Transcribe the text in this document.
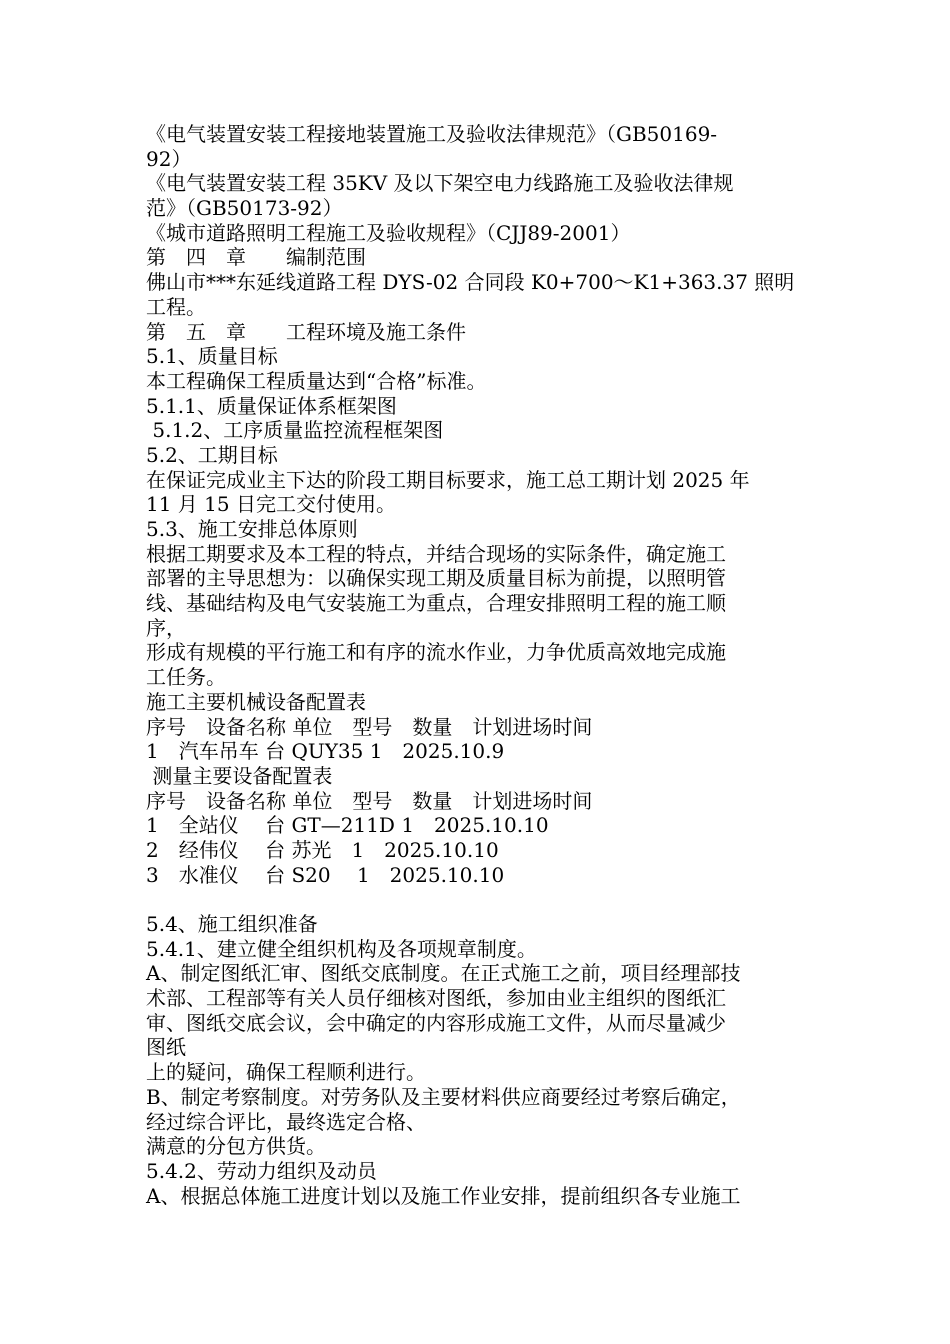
《电气装置安装工程接地装置施工及验收法律规范》（GB50169-
92）
《电气装置安装工程 35KV 及以下架空电力线路施工及验收法律规
范》（GB50173-92）
《城市道路照明工程施工及验收规程》（CJJ89-2001）
第　四　章　　编制范围
佛山市***东延线道路工程 DYS-02 合同段 K0+700～K1+363.37 照明
工程。
第　五　章　　工程环境及施工条件
5.1、质量目标
本工程确保工程质量达到“合格”标准。
5.1.1、质量保证体系框架图
5.1.2、工序质量监控流程框架图
5.2、工期目标
在保证完成业主下达的阶段工期目标要求，施工总工期计划 2025 年
11 月 15 日完工交付使用。
5.3、施工安排总体原则
根据工期要求及本工程的特点，并结合现场的实际条件，确定施工
部署的主导思想为：以确保实现工期及质量目标为前提，以照明管
线、基础结构及电气安装施工为重点，合理安排照明工程的施工顺
序，
形成有规模的平行施工和有序的流水作业，力争优质高效地完成施
工任务。
施工主要机械设备配置表
序号　设备名称 单位　型号　数量　计划进场时间
1　汽车吊车 台 QUY35 1　2025.10.9
测量主要设备配置表
序号　设备名称 单位　型号　数量　计划进场时间
1　全站仪　 台 GT—211D 1　2025.10.10
2　经伟仪　 台 苏光　1　2025.10.10
3　水准仪　 台 S20　 1　2025.10.10
5.4、施工组织准备
5.4.1、建立健全组织机构及各项规章制度。
A、制定图纸汇审、图纸交底制度。在正式施工之前，项目经理部技
术部、工程部等有关人员仔细核对图纸，参加由业主组织的图纸汇
审、图纸交底会议，会中确定的内容形成施工文件，从而尽量减少
图纸
上的疑问，确保工程顺利进行。
B、制定考察制度。对劳务队及主要材料供应商要经过考察后确定，
经过综合评比，最终选定合格、
满意的分包方供货。
5.4.2、劳动力组织及动员
A、根据总体施工进度计划以及施工作业安排，提前组织各专业施工
